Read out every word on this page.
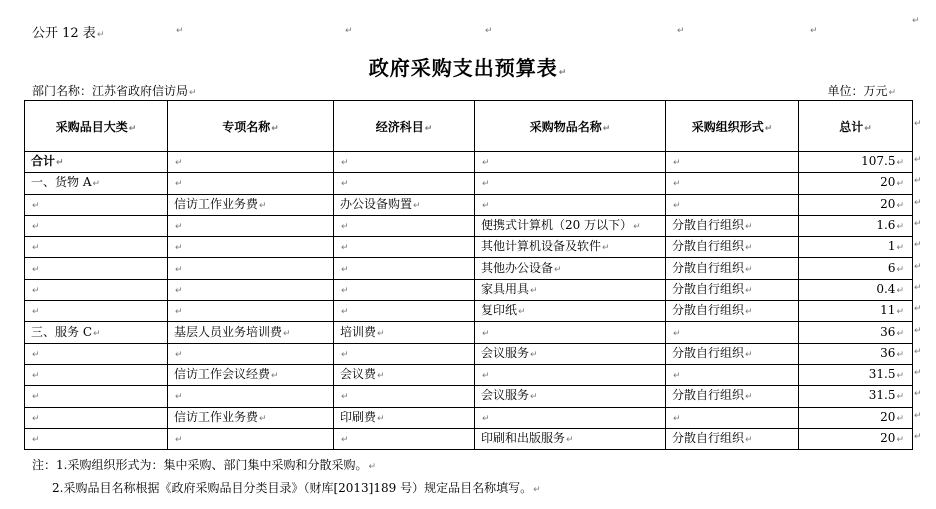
公开 12 表↵	↵	↵	↵	↵	↵
↵
政府采购支出预算表↵
部门名称：江苏省政府信访局↵	单位：万元↵
采购品目大类↵	专项名称↵	经济科目↵	采购物品名称↵	采购组织形式↵	总计↵
合计↵	↵	↵	↵	↵	107.5↵
一、货物 A↵	↵	↵	↵	↵	20↵
↵	信访工作业务费↵	办公设备购置↵	↵	↵	20↵
↵	↵	↵	便携式计算机（20 万以下）↵	分散自行组织↵	1.6↵
↵	↵	↵	其他计算机设备及软件↵	分散自行组织↵	1↵
↵	↵	↵	其他办公设备↵	分散自行组织↵	6↵
↵	↵	↵	家具用具↵	分散自行组织↵	0.4↵
↵	↵	↵	复印纸↵	分散自行组织↵	11↵
三、服务 C↵	基层人员业务培训费↵	培训费↵	↵	↵	36↵
↵	↵	↵	会议服务↵	分散自行组织↵	36↵
↵	信访工作会议经费↵	会议费↵	↵	↵	31.5↵
↵	↵	↵	会议服务↵	分散自行组织↵	31.5↵
↵	信访工作业务费↵	印刷费↵	↵	↵	20↵
↵	↵	↵	印刷和出版服务↵	分散自行组织↵	20↵
↵
↵
↵
↵
↵
↵
↵
↵
↵
↵
↵
↵
↵
↵
↵
注：1.采购组织形式为：集中采购、部门集中采购和分散采购。↵
2.采购品目名称根据《政府采购品目分类目录》（财库[2013]189 号）规定品目名称填写。↵
